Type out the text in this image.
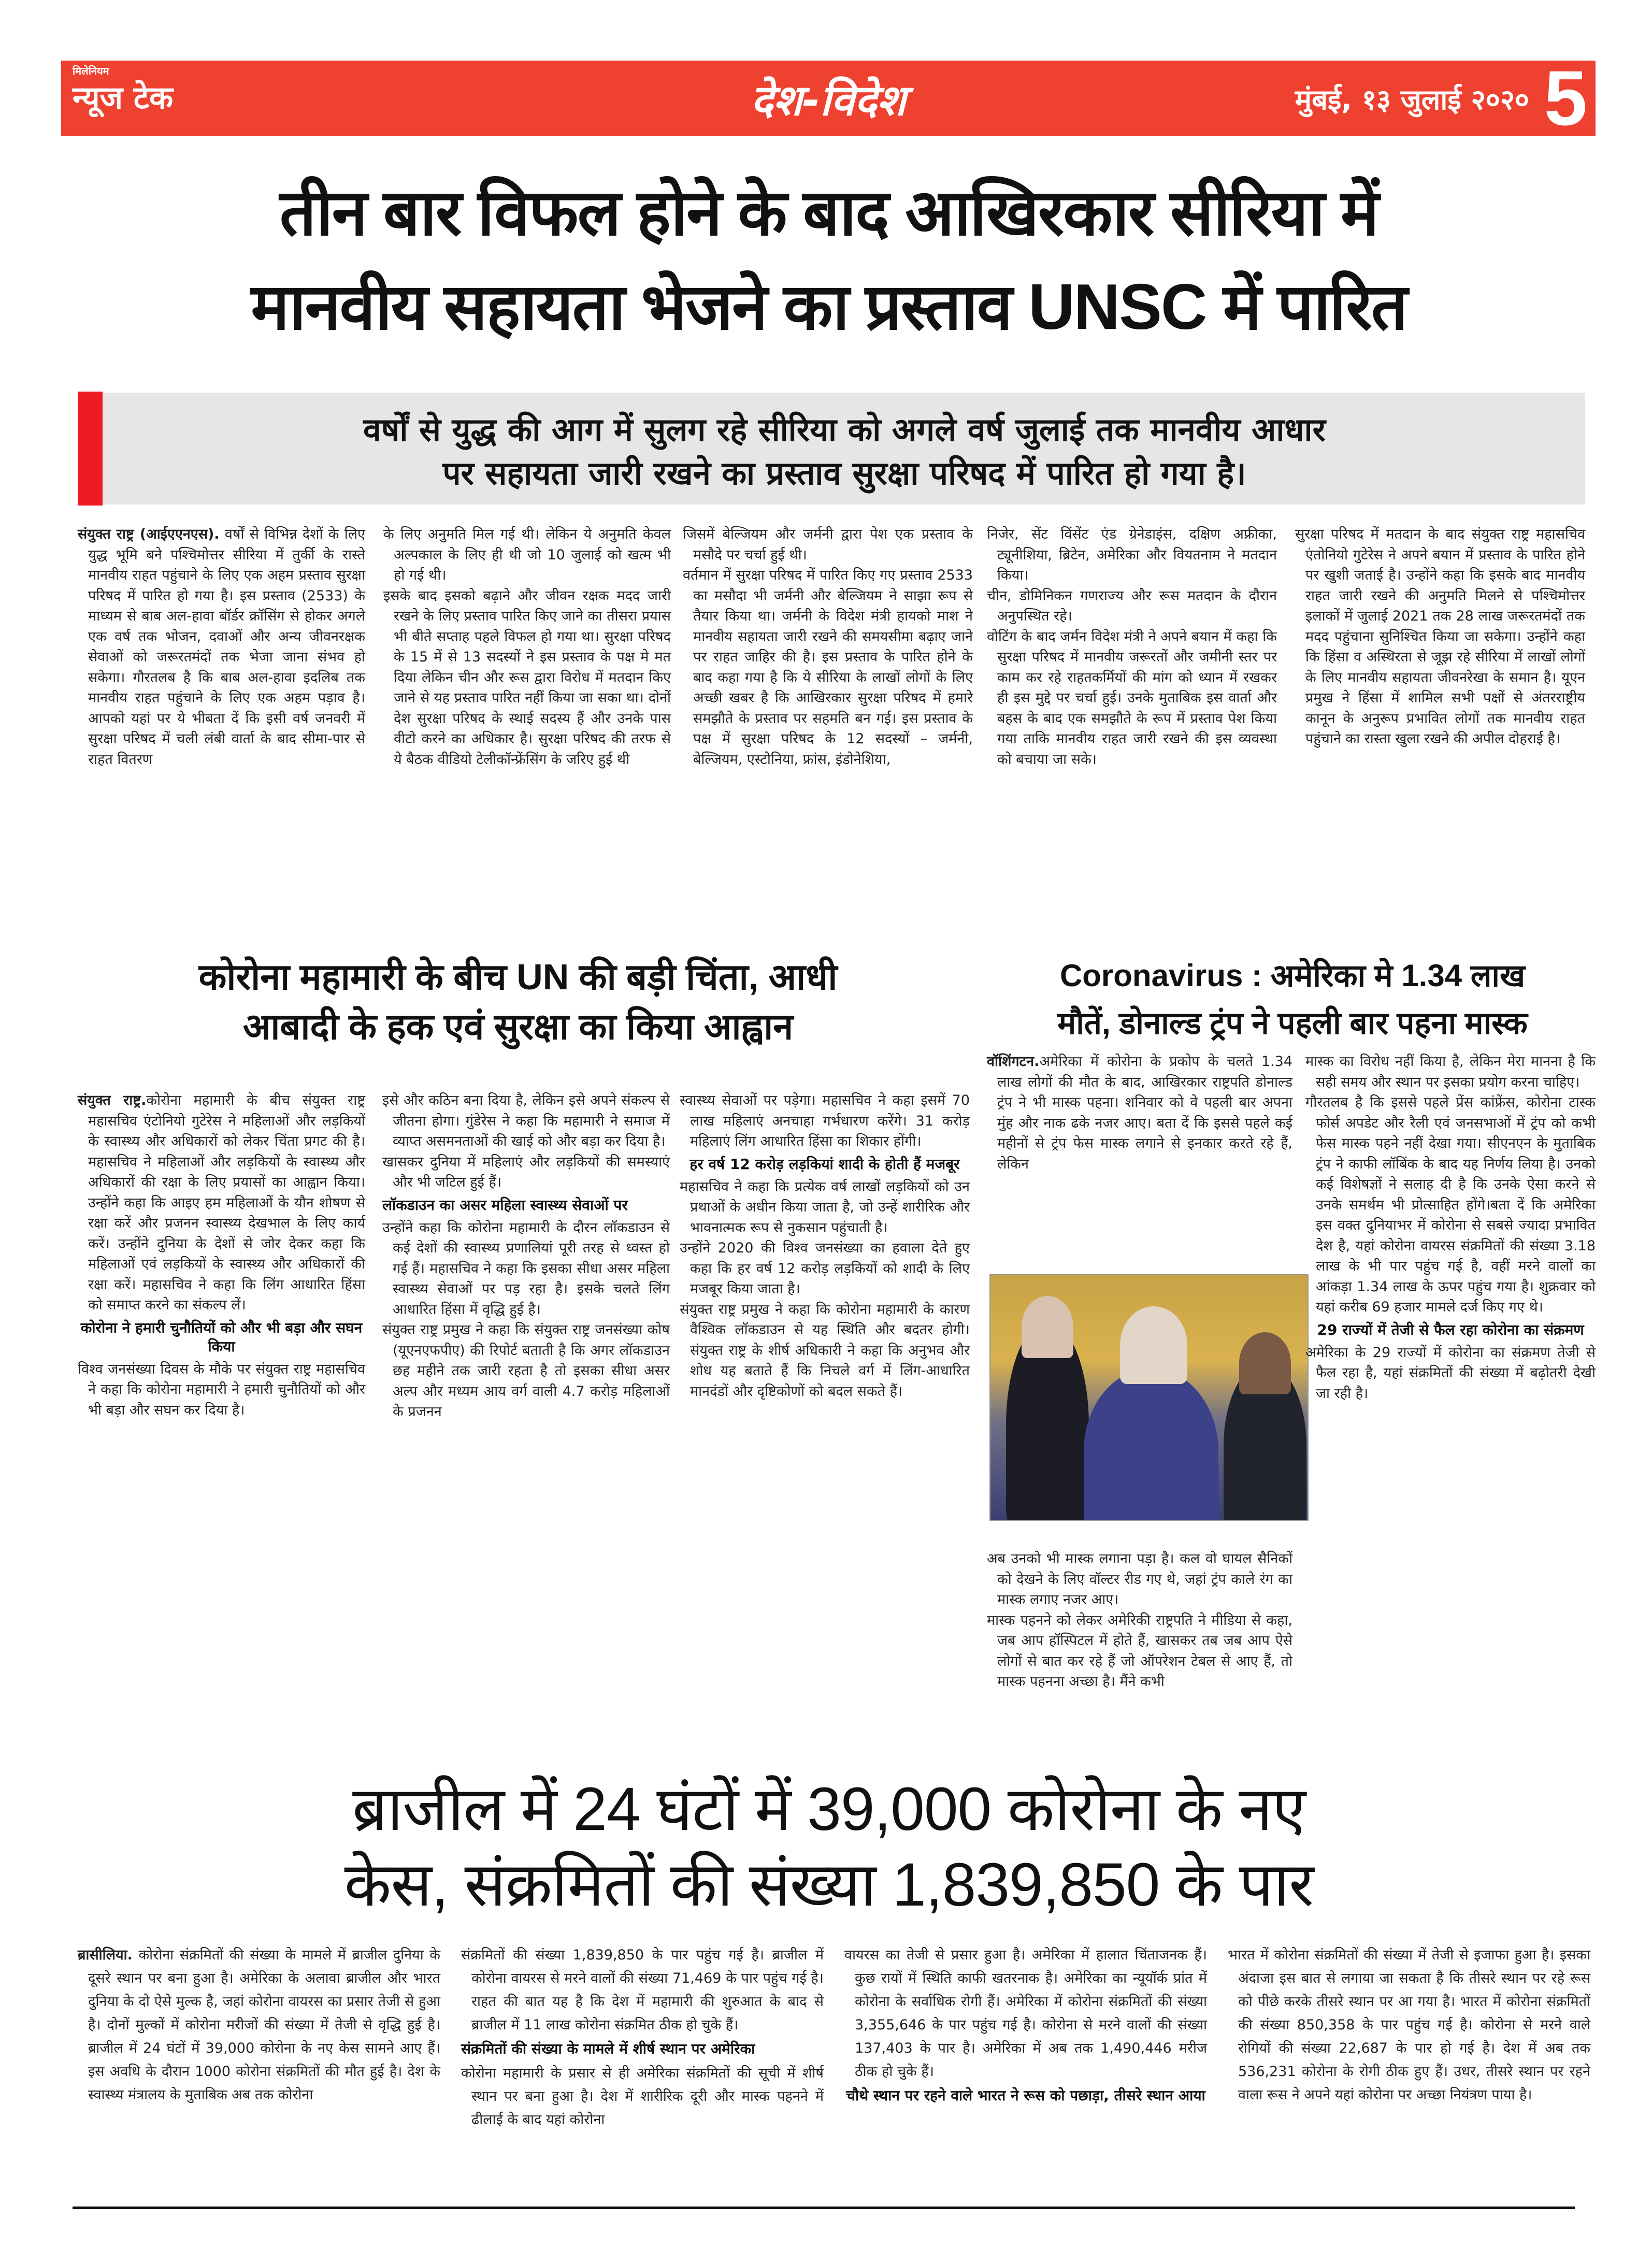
मिलेनियम
न्यूज टेक	देश-विदेश	मुंबई, १३ जुलाई २०२० 5
तीन बार विफल होने के बाद आखिरकार सीरिया में
मानवीय सहायता भेजने का प्रस्ताव UNSC में पारित
वर्षों से युद्ध की आग में सुलग रहे सीरिया को अगले वर्ष जुलाई तक मानवीय आधार
पर सहायता जारी रखने का प्रस्ताव सुरक्षा परिषद में पारित हो गया है।

संयुक्त राष्ट्र (आईएएनएस). वर्षों से विभिन्न देशों के लिए युद्ध भूमि बने पश्चिमोत्तर सीरिया में तुर्की के रास्ते मानवीय राहत पहुंचाने के लिए एक अहम प्रस्ताव सुरक्षा परिषद में पारित हो गया है। इस प्रस्ताव (2533) के माध्यम से बाब अल-हावा बॉर्डर क्रॉसिंग से होकर अगले एक वर्ष तक भोजन, दवाओं और अन्य जीवनरक्षक सेवाओं को जरूरतमंदों तक भेजा जाना संभव हो सकेगा। गौरतलब है कि बाब अल-हावा इदलिब तक मानवीय राहत पहुंचाने के लिए एक अहम पड़ाव है। आपको यहां पर ये भीबता दें कि इसी वर्ष जनवरी में सुरक्षा परिषद में चली लंबी वार्ता के बाद सीमा-पार से राहत वितरण

के लिए अनुमति मिल गई थी। लेकिन ये अनुमति केवल अल्पकाल के लिए ही थी जो 10 जुलाई को खत्म भी हो गई थी।

इसके बाद इसको बढ़ाने और जीवन रक्षक मदद जारी रखने के लिए प्रस्ताव पारित किए जाने का तीसरा प्रयास भी बीते सप्ताह पहले विफल हो गया था। सुरक्षा परिषद के 15 में से 13 सदस्यों ने इस प्रस्ताव के पक्ष मे मत दिया लेकिन चीन और रूस द्वारा विरोध में मतदान किए जाने से यह प्रस्ताव पारित नहीं किया जा सका था। दोनों देश सुरक्षा परिषद के स्थाई सदस्य हैं और उनके पास वीटो करने का अधिकार है। सुरक्षा परिषद की तरफ से ये बैठक वीडियो टेलीकॉन्फ्रेंसिंग के जरिए हुई थी

जिसमें बेल्जियम और जर्मनी द्वारा पेश एक प्रस्ताव के मसौदे पर चर्चा हुई थी।

वर्तमान में सुरक्षा परिषद में पारित किए गए प्रस्ताव 2533 का मसौदा भी जर्मनी और बेल्जियम ने साझा रूप से तैयार किया था। जर्मनी के विदेश मंत्री हायको माश ने मानवीय सहायता जारी रखने की समयसीमा बढ़ाए जाने पर राहत जाहिर की है। इस प्रस्ताव के पारित होने के बाद कहा गया है कि ये सीरिया के लाखों लोगों के लिए अच्छी खबर है कि आखिरकार सुरक्षा परिषद में हमारे समझौते के प्रस्ताव पर सहमति बन गई। इस प्रस्ताव के पक्ष में सुरक्षा परिषद के 12 सदस्यों – जर्मनी, बेल्जियम, एस्टोनिया, फ्रांस, इंडोनेशिया,

निजेर, सेंट विंसेंट एंड ग्रेनेडाइंस, दक्षिण अफ्रीका, ट्यूनीशिया, ब्रिटेन, अमेरिका और वियतनाम ने मतदान किया।

चीन, डोमिनिकन गणराज्य और रूस मतदान के दौरान अनुपस्थित रहे।

वोटिंग के बाद जर्मन विदेश मंत्री ने अपने बयान में कहा कि सुरक्षा परिषद में मानवीय जरूरतों और जमीनी स्तर पर काम कर रहे राहतकर्मियों की मांग को ध्यान में रखकर ही इस मुद्दे पर चर्चा हुई। उनके मुताबिक इस वार्ता और बहस के बाद एक समझौते के रूप में प्रस्ताव पेश किया गया ताकि मानवीय राहत जारी रखने की इस व्यवस्था को बचाया जा सके।

सुरक्षा परिषद में मतदान के बाद संयुक्त राष्ट्र महासचिव एंतोनियो गुटेरेस ने अपने बयान में प्रस्ताव के पारित होने पर खुशी जताई है। उन्होंने कहा कि इसके बाद मानवीय राहत जारी रखने की अनुमति मिलने से पश्चिमोत्तर इलाकों में जुलाई 2021 तक 28 लाख जरूरतमंदों तक मदद पहुंचाना सुनिश्चित किया जा सकेगा। उन्होंने कहा कि हिंसा व अस्थिरता से जूझ रहे सीरिया में लाखों लोगों के लिए मानवीय सहायता जीवनरेखा के समान है। यूएन प्रमुख ने हिंसा में शामिल सभी पक्षों से अंतरराष्ट्रीय कानून के अनुरूप प्रभावित लोगों तक मानवीय राहत पहुंचाने का रास्ता खुला रखने की अपील दोहराई है।

कोरोना महामारी के बीच UN की बड़ी चिंता, आधी
आबादी के हक एवं सुरक्षा का किया आह्वान

संयुक्त राष्ट्र.कोरोना महामारी के बीच संयुक्त राष्ट्र महासचिव एंटोनियो गुटेरेस ने महिलाओं और लड़कियों के स्वास्थ्य और अधिकारों को लेकर चिंता प्रगट की है। महासचिव ने महिलाओं और लड़कियों के स्वास्थ्य और अधिकारों की रक्षा के लिए प्रयासों का आह्वान किया। उन्होंने कहा कि आइए हम महिलाओं के यौन शोषण से रक्षा करें और प्रजनन स्वास्थ्य देखभाल के लिए कार्य करें। उन्होंने दुनिया के देशों से जोर देकर कहा कि महिलाओं एवं लड़कियों के स्वास्थ्य और अधिकारों की रक्षा करें। महासचिव ने कहा कि लिंग आधारित हिंसा को समाप्त करने का संकल्प लें।

कोरोना ने हमारी चुनौतियों को और भी बड़ा और सघन किया

विश्व जनसंख्या दिवस के मौके पर संयुक्त राष्ट्र महासचिव ने कहा कि कोरोना महामारी ने हमारी चुनौतियों को और भी बड़ा और सघन कर दिया है।

इसे और कठिन बना दिया है, लेकिन इसे अपने संकल्प से जीतना होगा। गुंडेरेस ने कहा कि महामारी ने समाज में व्याप्त असमनताओं की खाई को और बड़ा कर दिया है।

खासकर दुनिया में महिलाएं और लड़कियों की समस्याएं और भी जटिल हुई हैं।

लॉकडाउन का असर महिला स्वास्थ्य सेवाओं पर

उन्होंने कहा कि कोरोना महामारी के दौरन लॉकडाउन से कई देशों की स्वास्थ्य प्रणालियां पूरी तरह से ध्वस्त हो गई हैं। महासचिव ने कहा कि इसका सीधा असर महिला स्वास्थ्य सेवाओं पर पड़ रहा है। इसके चलते लिंग आधारित हिंसा में वृद्धि हुई है।

संयुक्त राष्ट्र प्रमुख ने कहा कि संयुक्त राष्ट्र जनसंख्या कोष (यूएनएफपीए) की रिपोर्ट बताती है कि अगर लॉकडाउन छह महीने तक जारी रहता है तो इसका सीधा असर अल्प और मध्यम आय वर्ग वाली 4.7 करोड़ महिलाओं के प्रजनन

स्वास्थ्य सेवाओं पर पड़ेगा। महासचिव ने कहा इसमें 70 लाख महिलाएं अनचाहा गर्भधारण करेंगे। 31 करोड़ महिलाएं लिंग आधारित हिंसा का शिकार होंगी।

हर वर्ष 12 करोड़ लड़कियां शादी के होती हैं मजबूर

महासचिव ने कहा कि प्रत्येक वर्ष लाखों लड़कियों को उन प्रथाओं के अधीन किया जाता है, जो उन्हें शारीरिक और भावनात्मक रूप से नुकसान पहुंचाती है।

उन्होंने 2020 की विश्व जनसंख्या का हवाला देते हुए कहा कि हर वर्ष 12 करोड़ लड़कियों को शादी के लिए मजबूर किया जाता है।

संयुक्त राष्ट्र प्रमुख ने कहा कि कोरोना महामारी के कारण वैश्विक लॉकडाउन से यह स्थिति और बदतर होगी। संयुक्त राष्ट्र के शीर्ष अधिकारी ने कहा कि अनुभव और शोध यह बताते हैं कि निचले वर्ग में लिंग-आधारित मानदंडों और दृष्टिकोणों को बदल सकते हैं।

Coronavirus : अमेरिका मे 1.34 लाख
मौतें, डोनाल्ड ट्रंप ने पहली बार पहना मास्क

वॉशिंगटन.अमेरिका में कोरोना के प्रकोप के चलते 1.34 लाख लोगों की मौत के बाद, आखिरकार राष्ट्रपति डोनाल्ड ट्रंप ने भी मास्क पहना। शनिवार को वे पहली बार अपना मुंह और नाक ढके नजर आए। बता दें कि इससे पहले कई महीनों से ट्रंप फेस मास्क लगाने से इनकार करते रहे हैं, लेकिन

अब उनको भी मास्क लगाना पड़ा है। कल वो घायल सैनिकों को देखने के लिए वॉल्टर रीड गए थे, जहां ट्रंप काले रंग का मास्क लगाए नजर आए।

मास्क पहनने को लेकर अमेरिकी राष्ट्रपति ने मीडिया से कहा, जब आप हॉस्पिटल में होते हैं, खासकर तब जब आप ऐसे लोगों से बात कर रहे हैं जो ऑपरेशन टेबल से आए हैं, तो मास्क पहनना अच्छा है। मैंने कभी

मास्क का विरोध नहीं किया है, लेकिन मेरा मानना है कि सही समय और स्थान पर इसका प्रयोग करना चाहिए।

गौरतलब है कि इससे पहले प्रेंस कांफ्रेंस, कोरोना टास्क फोर्स अपडेट और रैली एवं जनसभाओं में ट्रंप को कभी फेस मास्क पहने नहीं देखा गया। सीएनएन के मुताबिक ट्रंप ने काफी लॉबिंक के बाद यह निर्णय लिया है। उनको कई विशेषज्ञों ने सलाह दी है कि उनके ऐसा करने से उनके समर्थम भी प्रोत्साहित होंगे।बता दें कि अमेरिका इस वक्त दुनियाभर में कोरोना से सबसे ज्यादा प्रभावित देश है, यहां कोरोना वायरस संक्रमितों की संख्या 3.18 लाख के भी पार पहुंच गई है, वहीं मरने वालों का आंकड़ा 1.34 लाख के ऊपर पहुंच गया है। शुक्रवार को यहां करीब 69 हजार मामले दर्ज किए गए थे।

29 राज्यों में तेजी से फैल रहा कोरोना का संक्रमण

अमेरिका के 29 राज्यों में कोरोना का संक्रमण तेजी से फैल रहा है, यहां संक्रमितों की संख्या में बढ़ोतरी देखी जा रही है।

ब्राजील में 24 घंटों में 39,000 कोरोना के नए
केस, संक्रमितों की संख्या 1,839,850 के पार

ब्रासीलिया. कोरोना संक्रमितों की संख्या के मामले में ब्राजील दुनिया के दूसरे स्थान पर बना हुआ है। अमेरिका के अलावा ब्राजील और भारत दुनिया के दो ऐसे मुल्क है, जहां कोरोना वायरस का प्रसार तेजी से हुआ है। दोनों मुल्कों में कोरोना मरीजों की संख्या में तेजी से वृद्धि हुई है। ब्राजील में 24 घंटों में 39,000 कोरोना के नए केस सामने आए हैं। इस अवधि के दौरान 1000 कोरोना संक्रमितों की मौत हुई है। देश के स्वास्थ्य मंत्रालय के मुताबिक अब तक कोरोना

संक्रमितों की संख्या 1,839,850 के पार पहुंच गई है। ब्राजील में कोरोना वायरस से मरने वालों की संख्या 71,469 के पार पहुंच गई है। राहत की बात यह है कि देश में महामारी की शुरुआत के बाद से ब्राजील में 11 लाख कोरोना संक्रमित ठीक हो चुके हैं।

संक्रमितों की संख्या के मामले में शीर्ष स्थान पर अमेरिका

कोरोना महामारी के प्रसार से ही अमेरिका संक्रमितों की सूची में शीर्ष स्थान पर बना हुआ है। देश में शारीरिक दूरी और मास्क पहनने में ढीलाई के बाद यहां कोरोना

वायरस का तेजी से प्रसार हुआ है। अमेरिका में हालात चिंताजनक हैं। कुछ रायों में स्थिति काफी खतरनाक है। अमेरिका का न्यूयॉर्क प्रांत में कोरोना के सर्वाधिक रोगी हैं। अमेरिका में कोरोना संक्रमितों की संख्या 3,355,646 के पार पहुंच गई है। कोरोना से मरने वालों की संख्या 137,403 के पार है। अमेरिका में अब तक 1,490,446 मरीज ठीक हो चुके हैं।

चौथे स्थान पर रहने वाले भारत ने रूस को पछाड़ा, तीसरे स्थान आया

भारत में कोरोना संक्रमितों की संख्या में तेजी से इजाफा हुआ है। इसका अंदाजा इस बात से लगाया जा सकता है कि तीसरे स्थान पर रहे रूस को पीछे करके तीसरे स्थान पर आ गया है। भारत में कोरोना संक्रमितों की संख्या 850,358 के पार पहुंच गई है। कोरोना से मरने वाले रोगियों की संख्या 22,687 के पार हो गई है। देश में अब तक 536,231 कोरोना के रोगी ठीक हुए हैं। उधर, तीसरे स्थान पर रहने वाला रूस ने अपने यहां कोरोना पर अच्छा नियंत्रण पाया है।
